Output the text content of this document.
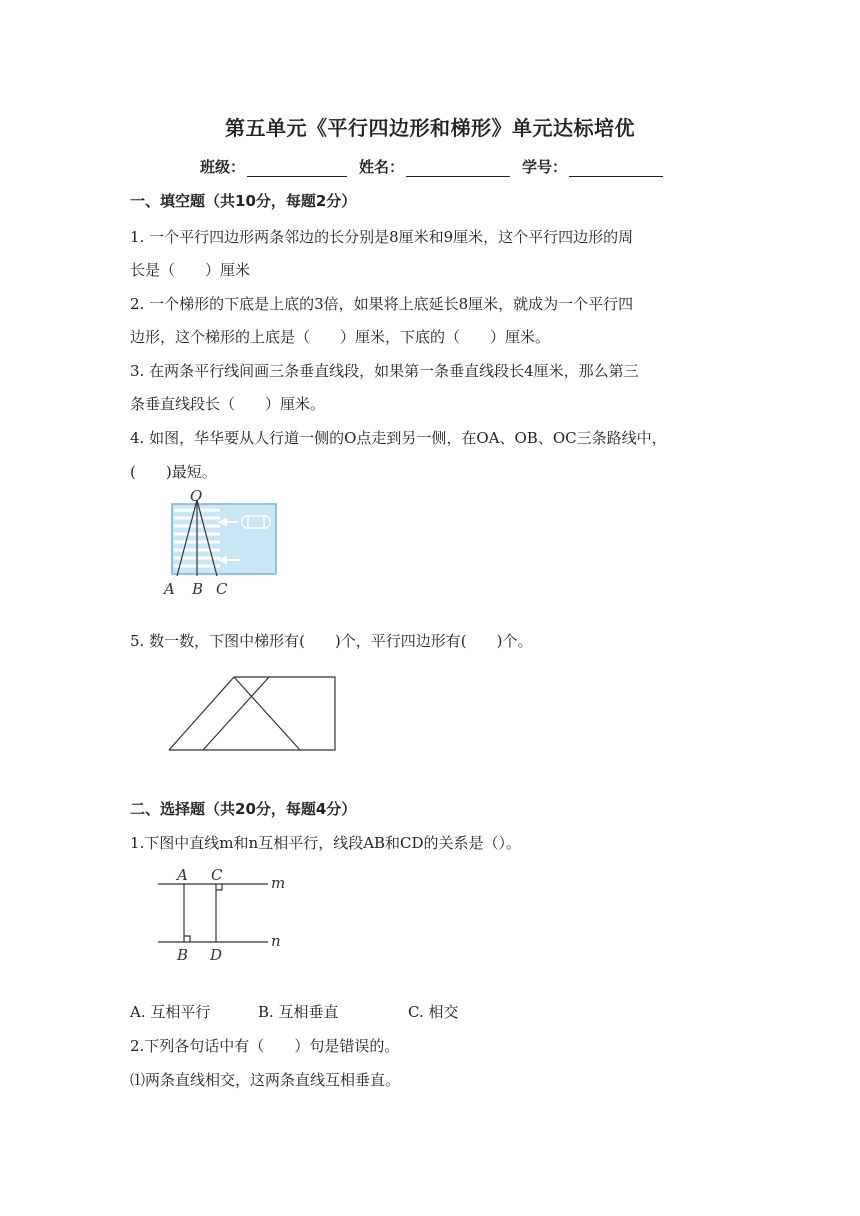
第五单元《平行四边形和梯形》单元达标培优
班级：	姓名：	学号：
一、填空题（共10分，每题2分）
1. 一个平行四边形两条邻边的长分别是8厘米和9厘米，这个平行四边形的周
长是（　　）厘米
2. 一个梯形的下底是上底的3倍，如果将上底延长8厘米，就成为一个平行四
边形，这个梯形的上底是（　　）厘米，下底的（　　）厘米。
3. 在两条平行线间画三条垂直线段，如果第一条垂直线段长4厘米，那么第三
条垂直线段长（　　）厘米。
4. 如图，华华要从人行道一侧的O点走到另一侧，在OA、OB、OC三条路线中，
(　　)最短。
O
A B C
5. 数一数，下图中梯形有(　　)个，平行四边形有(　　)个。
二、选择题（共20分，每题4分）
1.下图中直线m和n互相平行，线段AB和CD的关系是（）。
A C	m
B D
n
A. 互相平行	B. 互相垂直	C. 相交
2.下列各句话中有（　　）句是错误的。
⑴两条直线相交，这两条直线互相垂直。
